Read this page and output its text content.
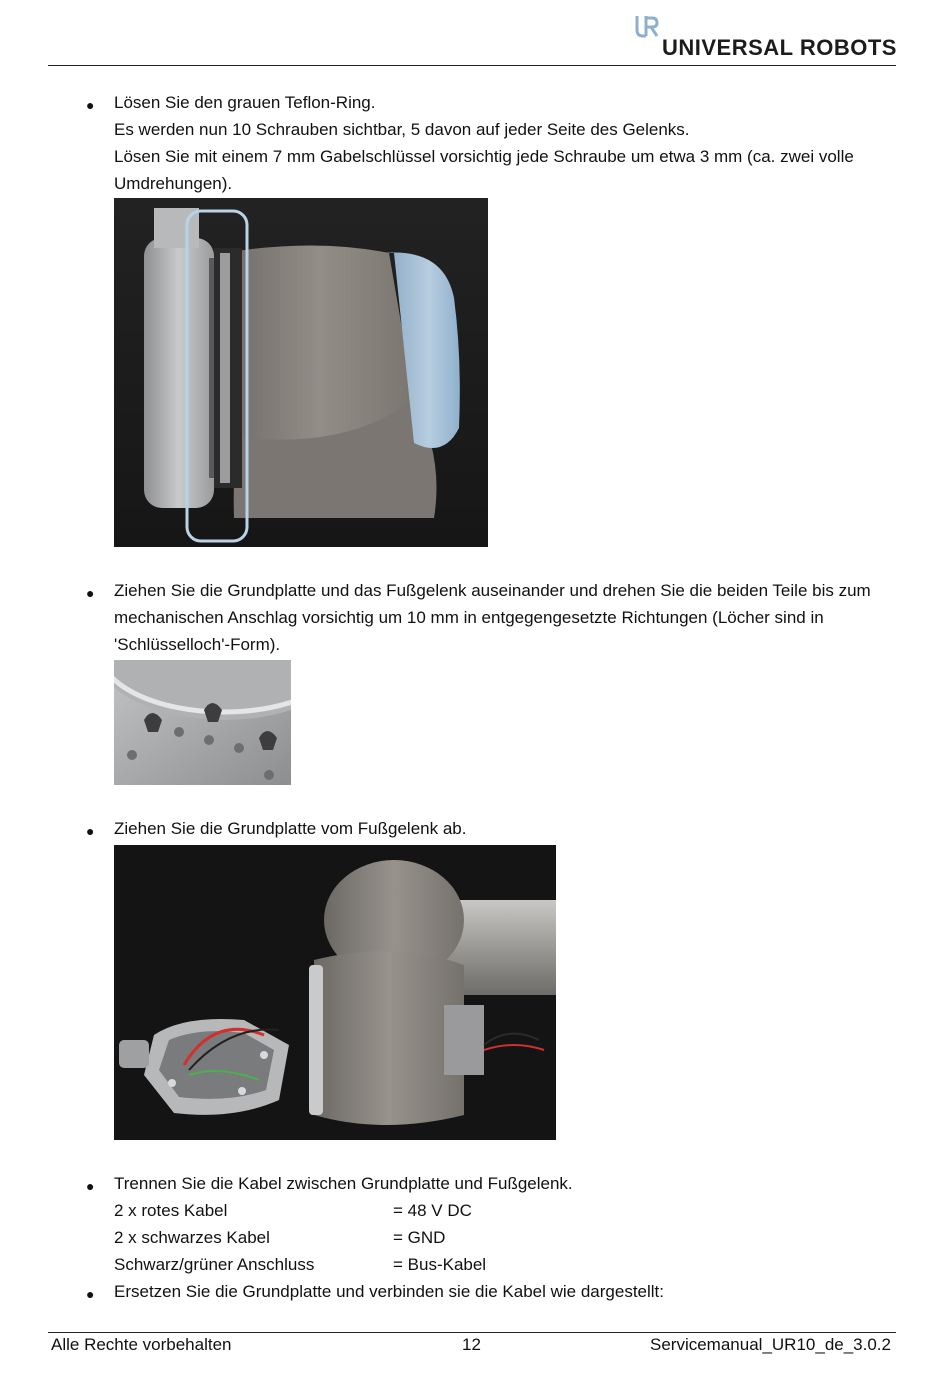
UNIVERSAL ROBOTS
● Lösen Sie den grauen Teflon-Ring.
Es werden nun 10 Schrauben sichtbar, 5 davon auf jeder Seite des Gelenks.
Lösen Sie mit einem 7 mm Gabelschlüssel vorsichtig jede Schraube um etwa 3 mm (ca. zwei volle
Umdrehungen).
● Ziehen Sie die Grundplatte und das Fußgelenk auseinander und drehen Sie die beiden Teile bis zum
mechanischen Anschlag vorsichtig um 10 mm in entgegengesetzte Richtungen (Löcher sind in
'Schlüsselloch'-Form).
● Ziehen Sie die Grundplatte vom Fußgelenk ab.
● Trennen Sie die Kabel zwischen Grundplatte und Fußgelenk.
2 x rotes Kabel	= 48 V DC
2 x schwarzes Kabel	= GND
Schwarz/grüner Anschluss	= Bus-Kabel
● Ersetzen Sie die Grundplatte und verbinden sie die Kabel wie dargestellt:
Alle Rechte vorbehalten	12	Servicemanual_UR10_de_3.0.2
